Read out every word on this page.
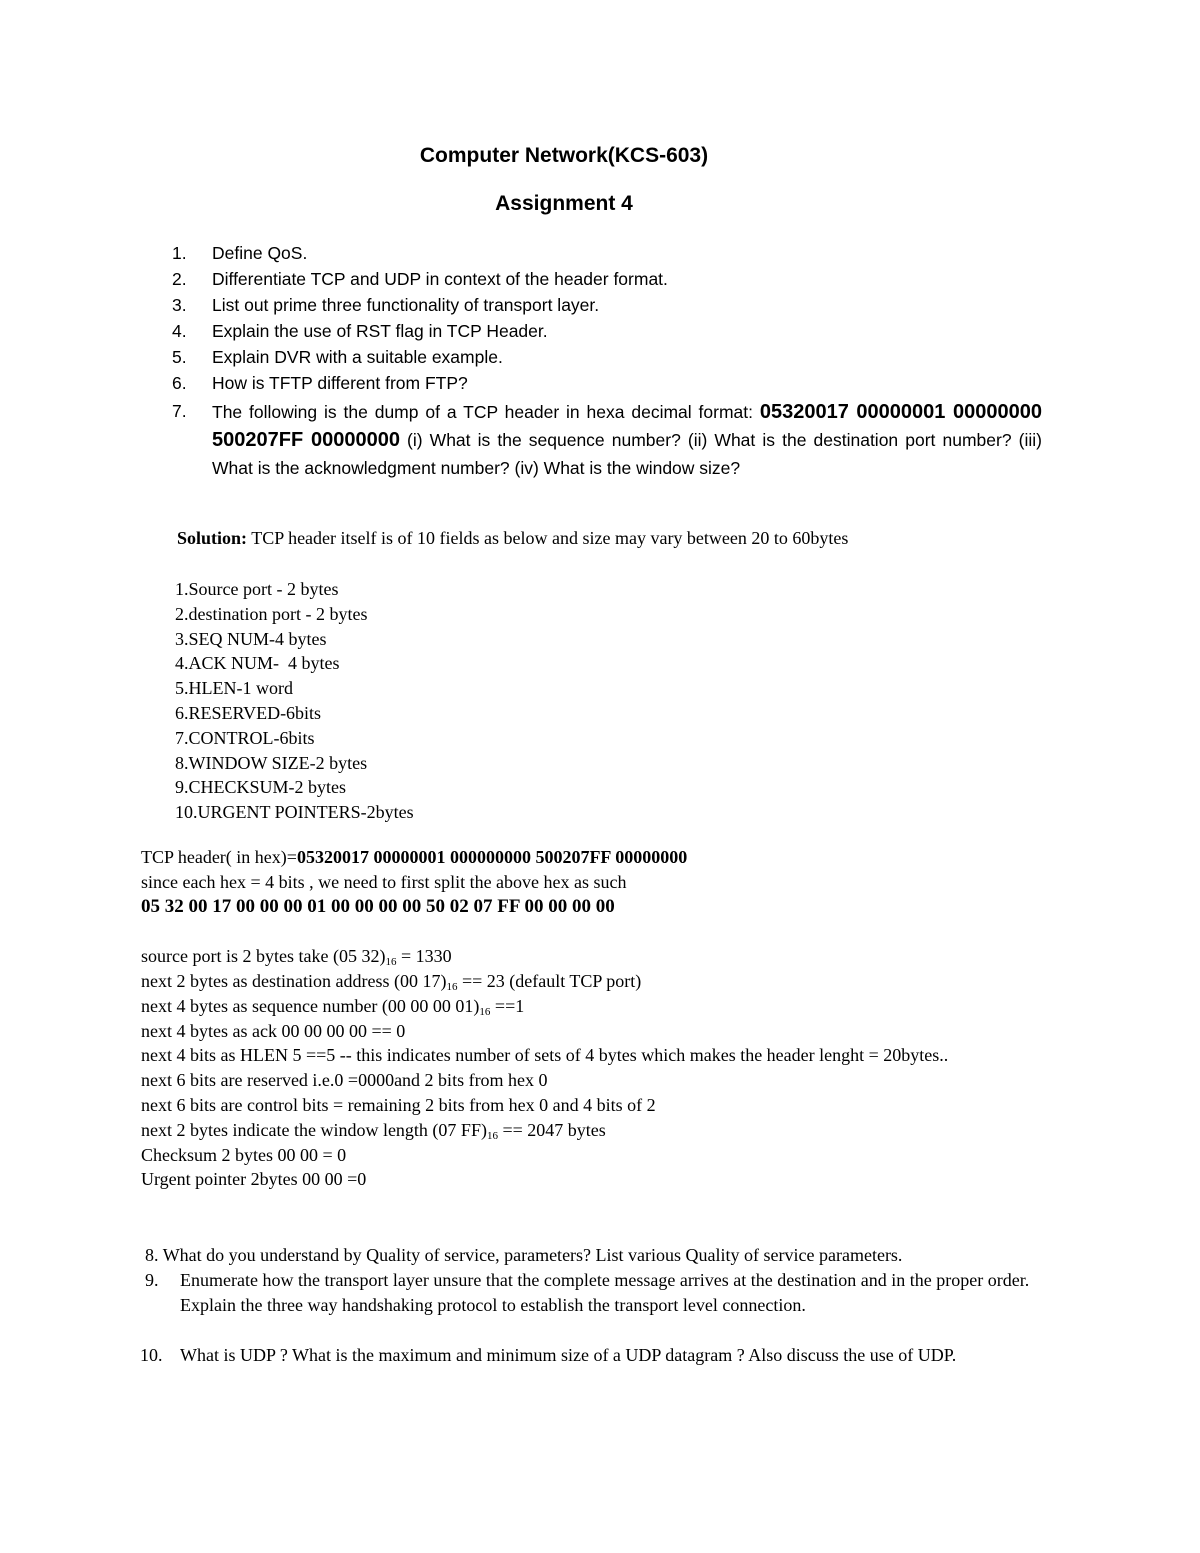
Computer Network(KCS-603)
Assignment 4
1.	Define QoS.
2.	Differentiate TCP and UDP in context of the header format.
3.	List out prime three functionality of transport layer.
4.	Explain the use of RST flag in TCP Header.
5.	Explain DVR with a suitable example.
6.	How is TFTP different from FTP?
7.	The following is the dump of a TCP header in hexa decimal format: 05320017 00000001 00000000 500207FF 00000000 (i) What is the sequence number? (ii) What is the destination port number? (iii) What is the acknowledgment number? (iv) What is the window size?
Solution: TCP header itself is of 10 fields as below and size may vary between 20 to 60bytes
1.Source port - 2 bytes
2.destination port - 2 bytes
3.SEQ NUM-4 bytes
4.ACK NUM-  4 bytes
5.HLEN-1 word
6.RESERVED-6bits
7.CONTROL-6bits
8.WINDOW SIZE-2 bytes
9.CHECKSUM-2 bytes
10.URGENT POINTERS-2bytes
TCP header( in hex)=05320017 00000001 000000000 500207FF 00000000
since each hex = 4 bits , we need to first split the above hex as such
05 32 00 17 00 00 00 01 00 00 00 00 50 02 07 FF 00 00 00 00
source port is 2 bytes take (05 $32)_{16} = 1330$
next 2 bytes as destination address (00 $17)_{16} == 23$ (default TCP port)
next 4 bytes as sequence number (00 00 00 $01)_{16} ==1$
next 4 bytes as ack 00 00 00 00 == 0
next 4 bits as HLEN 5 ==5 -- this indicates number of sets of 4 bytes which makes the header lenght = 20bytes..
next 6 bits are reserved i.e.0 =0000and 2 bits from hex 0
next 6 bits are control bits = remaining 2 bits from hex 0 and 4 bits of 2
next 2 bytes indicate the window length (07 $FF)_{16} == 2047$ bytes
Checksum 2 bytes 00 00 = 0
Urgent pointer 2bytes 00 00 =0
8. What do you understand by Quality of service, parameters? List various Quality of service parameters.
9. Enumerate how the transport layer unsure that the complete message arrives at the destination and in the proper order. Explain the three way handshaking protocol to establish the transport level connection.
10. What is UDP ? What is the maximum and minimum size of a UDP datagram ? Also discuss the use of UDP.
